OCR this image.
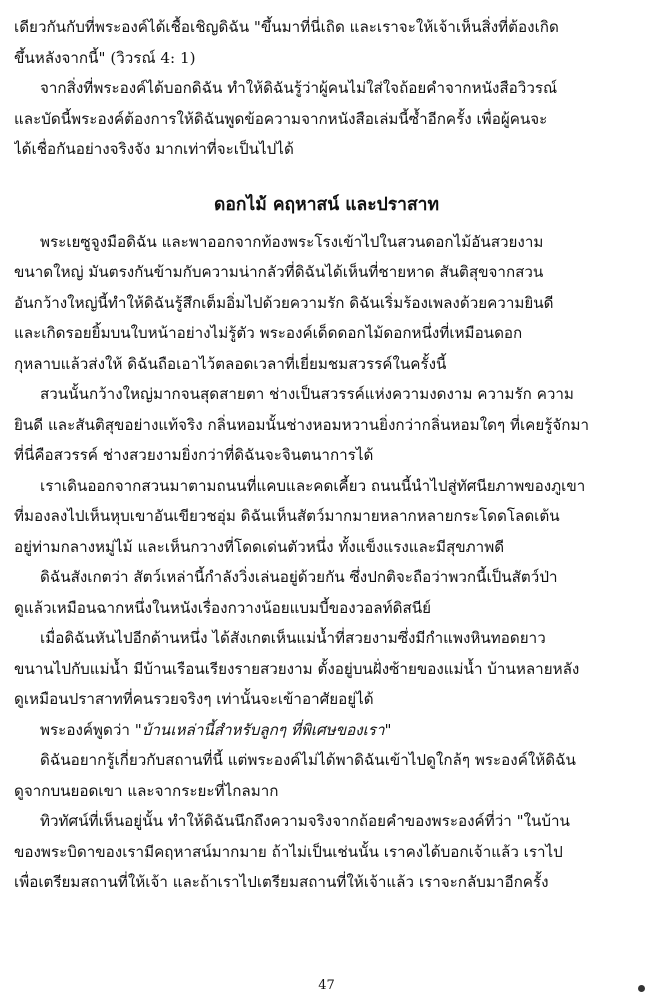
เดียวกันกับที่พระองค์ได้เชื้อเชิญดิฉัน "ขึ้นมาที่นี่เถิด และเราจะให้เจ้าเห็นสิ่งที่ต้องเกิด
ขึ้นหลังจากนี้" (วิวรณ์ 4: 1)
จากสิ่งที่พระองค์ได้บอกดิฉัน ทำให้ดิฉันรู้ว่าผู้คนไม่ใส่ใจถ้อยคำจากหนังสือวิวรณ์
และบัดนี้พระองค์ต้องการให้ดิฉันพูดข้อความจากหนังสือเล่มนี้ซ้ำอีกครั้ง เพื่อผู้คนจะ
ได้เชื่อกันอย่างจริงจัง มากเท่าที่จะเป็นไปได้
ดอกไม้ คฤหาสน์ และปราสาท
พระเยซูจูงมือดิฉัน และพาออกจากท้องพระโรงเข้าไปในสวนดอกไม้อันสวยงาม
ขนาดใหญ่ มันตรงกันข้ามกับความน่ากลัวที่ดิฉันได้เห็นที่ชายหาด สันติสุขจากสวน
อันกว้างใหญ่นี้ทำให้ดิฉันรู้สึกเต็มอิ่มไปด้วยความรัก ดิฉันเริ่มร้องเพลงด้วยความยินดี
และเกิดรอยยิ้มบนใบหน้าอย่างไม่รู้ตัว พระองค์เด็ดดอกไม้ดอกหนึ่งที่เหมือนดอก
กุหลาบแล้วส่งให้ ดิฉันถือเอาไว้ตลอดเวลาที่เยี่ยมชมสวรรค์ในครั้งนี้
สวนนั้นกว้างใหญ่มากจนสุดสายตา ช่างเป็นสวรรค์แห่งความงดงาม ความรัก ความ
ยินดี และสันติสุขอย่างแท้จริง กลิ่นหอมนั้นช่างหอมหวานยิ่งกว่ากลิ่นหอมใดๆ ที่เคยรู้จักมา
ที่นี่คือสวรรค์ ช่างสวยงามยิ่งกว่าที่ดิฉันจะจินตนาการได้
เราเดินออกจากสวนมาตามถนนที่แคบและคดเคี้ยว ถนนนี้นำไปสู่ทัศนียภาพของภูเขา
ที่มองลงไปเห็นหุบเขาอันเขียวชอุ่ม ดิฉันเห็นสัตว์มากมายหลากหลายกระโดดโลดเต้น
อยู่ท่ามกลางหมู่ไม้ และเห็นกวางที่โดดเด่นตัวหนึ่ง ทั้งแข็งแรงและมีสุขภาพดี
ดิฉันสังเกตว่า สัตว์เหล่านี้กำลังวิ่งเล่นอยู่ด้วยกัน ซึ่งปกติจะถือว่าพวกนี้เป็นสัตว์ป่า
ดูแล้วเหมือนฉากหนึ่งในหนังเรื่องกวางน้อยแบมบี้ของวอลท์ดิสนีย์
เมื่อดิฉันหันไปอีกด้านหนึ่ง ได้สังเกตเห็นแม่น้ำที่สวยงามซึ่งมีกำแพงหินทอดยาว
ขนานไปกับแม่น้ำ มีบ้านเรือนเรียงรายสวยงาม ตั้งอยู่บนฝั่งซ้ายของแม่น้ำ บ้านหลายหลัง
ดูเหมือนปราสาทที่คนรวยจริงๆ เท่านั้นจะเข้าอาศัยอยู่ได้
พระองค์พูดว่า "บ้านเหล่านี้สำหรับลูกๆ ที่พิเศษของเรา"
ดิฉันอยากรู้เกี่ยวกับสถานที่นี้ แต่พระองค์ไม่ได้พาดิฉันเข้าไปดูใกล้ๆ พระองค์ให้ดิฉัน
ดูจากบนยอดเขา และจากระยะที่ไกลมาก
ทิวทัศน์ที่เห็นอยู่นั้น ทำให้ดิฉันนึกถึงความจริงจากถ้อยคำของพระองค์ที่ว่า "ในบ้าน
ของพระบิดาของเรามีคฤหาสน์มากมาย ถ้าไม่เป็นเช่นนั้น เราคงได้บอกเจ้าแล้ว เราไป
เพื่อเตรียมสถานที่ให้เจ้า และถ้าเราไปเตรียมสถานที่ให้เจ้าแล้ว เราจะกลับมาอีกครั้ง
47
